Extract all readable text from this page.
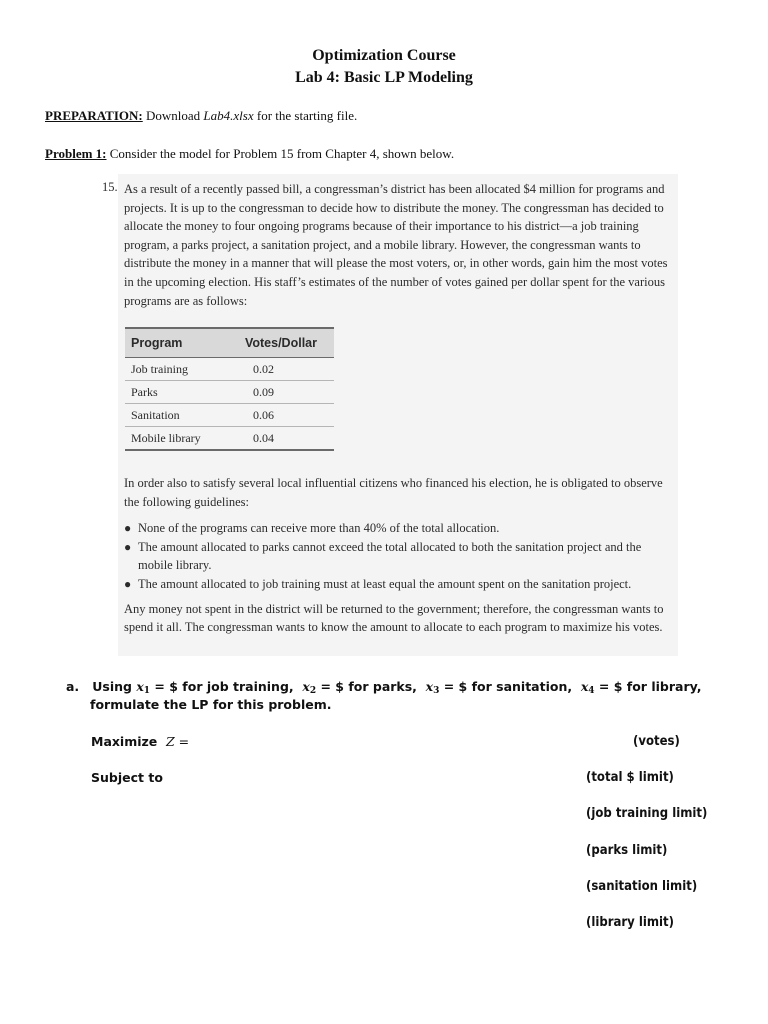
Optimization Course
Lab 4: Basic LP Modeling
PREPARATION: Download Lab4.xlsx for the starting file.
Problem 1: Consider the model for Problem 15 from Chapter 4, shown below.
15. As a result of a recently passed bill, a congressman’s district has been allocated $4 million for programs and projects. It is up to the congressman to decide how to distribute the money. The congressman has decided to allocate the money to four ongoing programs because of their importance to his district—a job training program, a parks project, a sanitation project, and a mobile library. However, the congressman wants to distribute the money in a manner that will please the most voters, or, in other words, gain him the most votes in the upcoming election. His staff’s estimates of the number of votes gained per dollar spent for the various programs are as follows:

Program	Votes/Dollar
Job training	0.02
Parks	0.09
Sanitation	0.06
Mobile library	0.04

In order also to satisfy several local influential citizens who financed his election, he is obligated to observe the following guidelines:

● None of the programs can receive more than 40% of the total allocation.
● The amount allocated to parks cannot exceed the total allocated to both the sanitation project and the mobile library.
● The amount allocated to job training must at least equal the amount spent on the sanitation project.

Any money not spent in the district will be returned to the government; therefore, the congressman wants to spend it all. The congressman wants to know the amount to allocate to each program to maximize his votes.

a. Using $x_1$ = $ for job training, $x_2$ = $ for parks, $x_3$ = $ for sanitation, $x_4$ = $ for library,
formulate the LP for this problem.
Maximize Z =
Subject to
(votes)
(total $ limit)
(job training limit)
(parks limit)
(sanitation limit)
(library limit)
